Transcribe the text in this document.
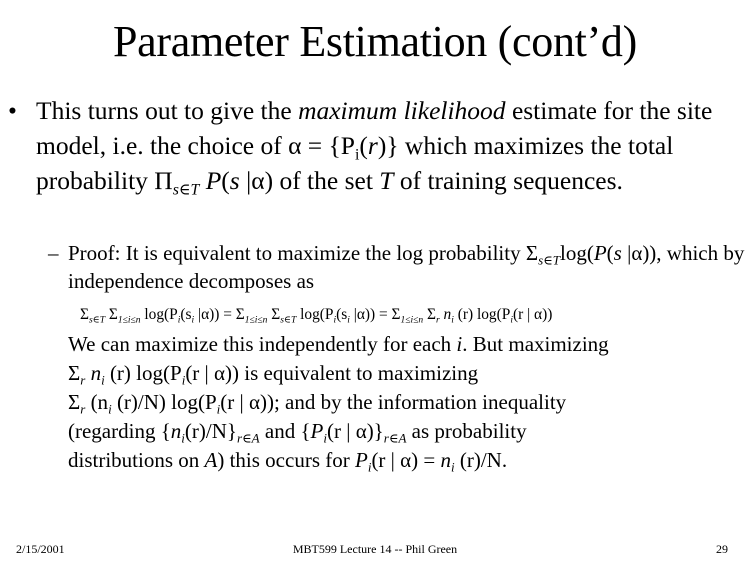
Parameter Estimation (cont’d)
• This turns out to give the maximum likelihood estimate for the site model, i.e. the choice of $\alpha = \{P_i(r)\}$ which maximizes the total probability $\Pi_{s\in T}$ P(s |α) of the set T of training sequences.
– Proof: It is equivalent to maximize the log probability $\Sigma_{s\in T}\log(P(s$ |α)), which by independence decomposes as
$\Sigma_{s\in T}$ $\Sigma_{1\le i\le n}$ $\log(P_i(s_i$ $|\alpha)) = \Sigma_{1\le i\le n}$ $\Sigma_{s\in T}$ $\log(P_i(s_i$ $|\alpha)) = \Sigma_{1\le i\le n}$ $\Sigma_r$ $n_i$ (r) $\log(P_i(r$ | α))
We can maximize this independently for each i. But maximizing
$\Sigma_r$ $n_i$ (r) $\log(P_i(r$ | α)) is equivalent to maximizing
$\Sigma_r$ ($n_i$ (r)/N) $\log(P_i(r$ | α)); and by the information inequality
(regarding $\{n_i(r)/N\}_{r\in A}$ and {$P_i(r$ | $\alpha)\}_{r\in A}$ as probability
distributions on A) this occurs for $P_i(r$ | $\alpha) = n_i$ (r)/N.
2/15/2001	MBT599 Lecture 14 -- Phil Green	29
